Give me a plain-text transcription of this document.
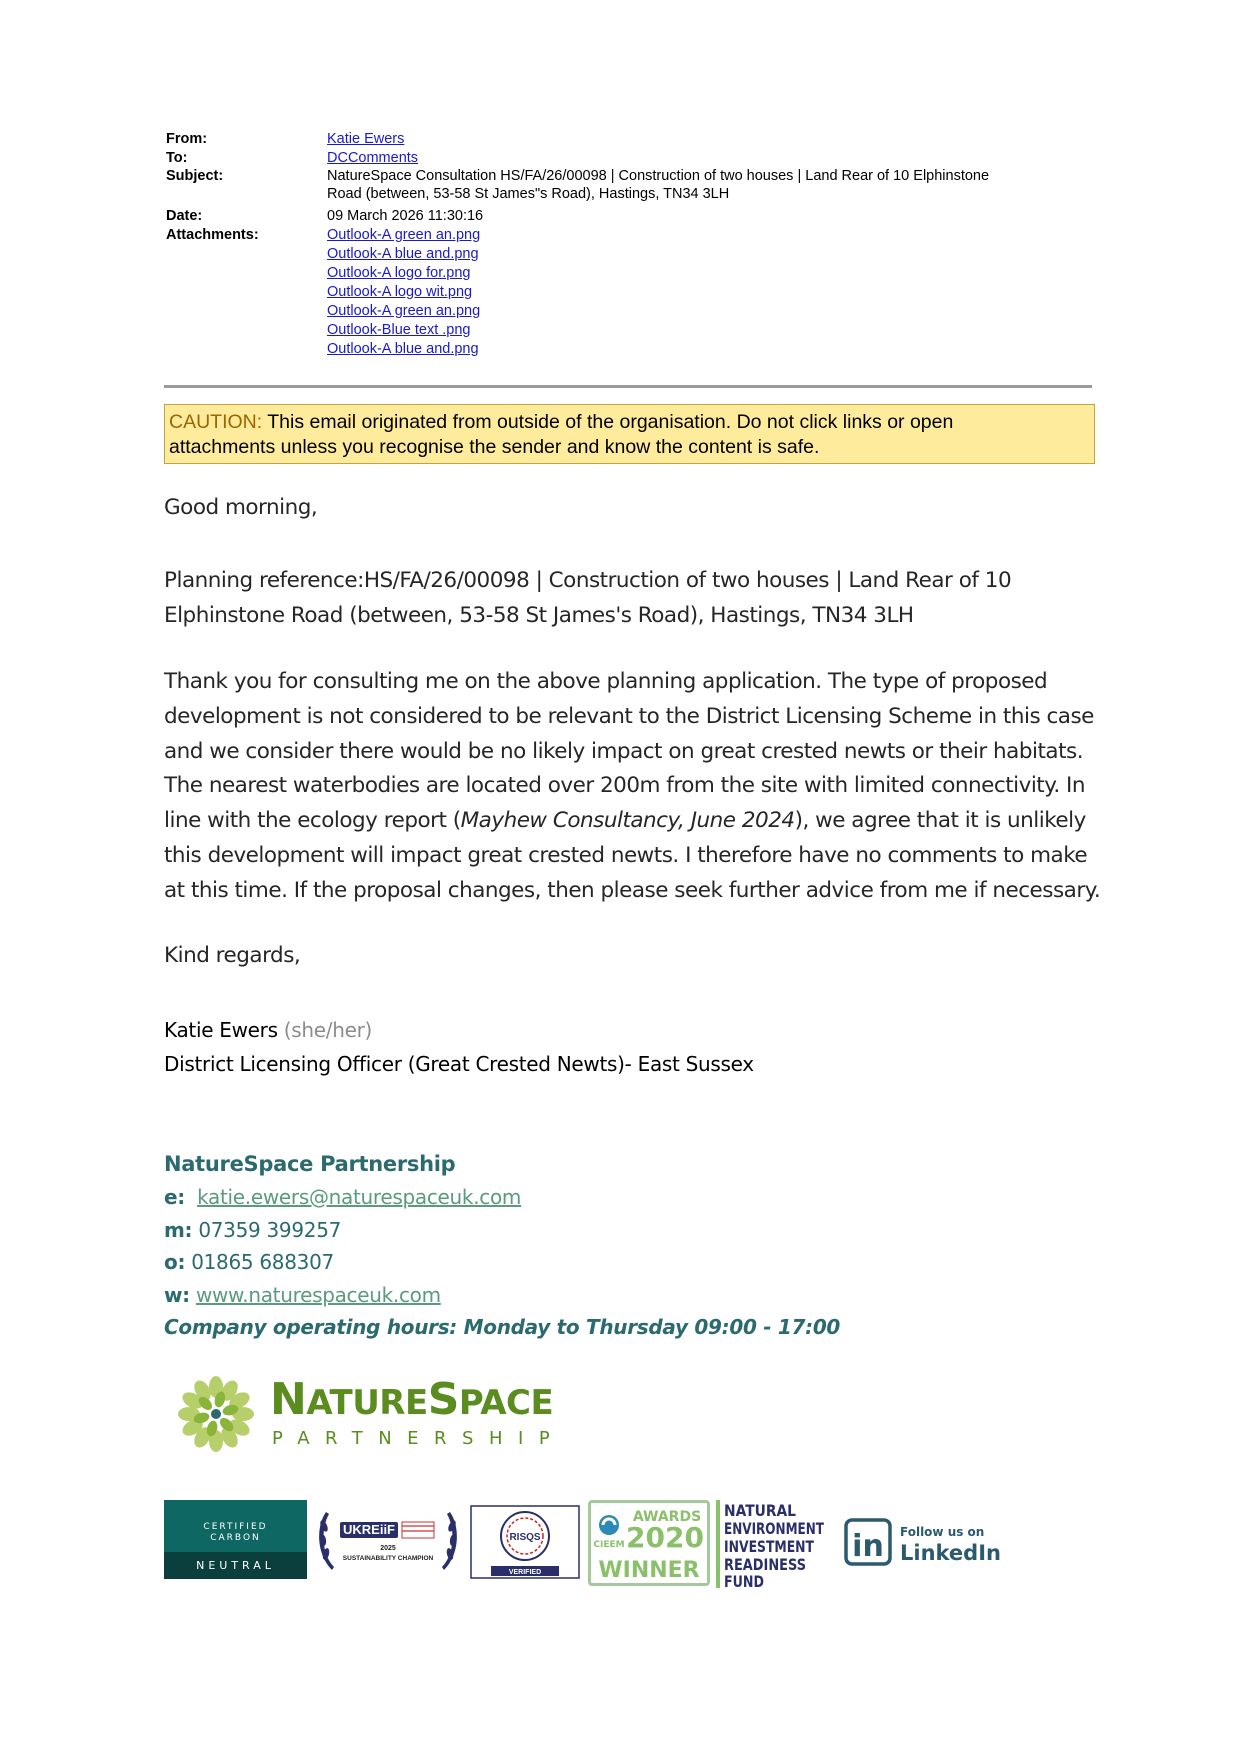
From:	Katie Ewers
To:	DCComments
Subject:	NatureSpace Consultation HS/FA/26/00098 | Construction of two houses | Land Rear of 10 Elphinstone
Road (between, 53-58 St James"s Road), Hastings, TN34 3LH
Date:	09 March 2026 11:30:16
Attachments:	Outlook-A green an.png
Outlook-A blue and.png
Outlook-A logo for.png
Outlook-A logo wit.png
Outlook-A green an.png
Outlook-Blue text .png
Outlook-A blue and.png
CAUTION: This email originated from outside of the organisation. Do not click links or open
attachments unless you recognise the sender and know the content is safe.
Good morning,
Planning reference:HS/FA/26/00098 | Construction of two houses | Land Rear of 10
Elphinstone Road (between, 53-58 St James's Road), Hastings, TN34 3LH
Thank you for consulting me on the above planning application. The type of proposed
development is not considered to be relevant to the District Licensing Scheme in this case
and we consider there would be no likely impact on great crested newts or their habitats.
The nearest waterbodies are located over 200m from the site with limited connectivity. In
line with the ecology report (Mayhew Consultancy, June 2024), we agree that it is unlikely
this development will impact great crested newts. I therefore have no comments to make
at this time. If the proposal changes, then please seek further advice from me if necessary.
Kind regards,
Katie Ewers (she/her)
District Licensing Officer (Great Crested Newts)- East Sussex
NatureSpace Partnership
e: katie.ewers@naturespaceuk.com
m: 07359 399257
o: 01865 688307
w: www.naturespaceuk.com
Company operating hours: Monday to Thursday 09:00 - 17:00
NATURESPACE
PARTNERSHIP
CERTIFIED
CARBON
NEUTRAL
UKREiiF
2025
SUSTAINABILITY CHAMPION
RISQS
VERIFIED
AWARDS
2020
CIEEM
WINNER
NATURAL
ENVIRONMENT
INVESTMENT
READINESS
FUND
in Follow us on
LinkedIn
